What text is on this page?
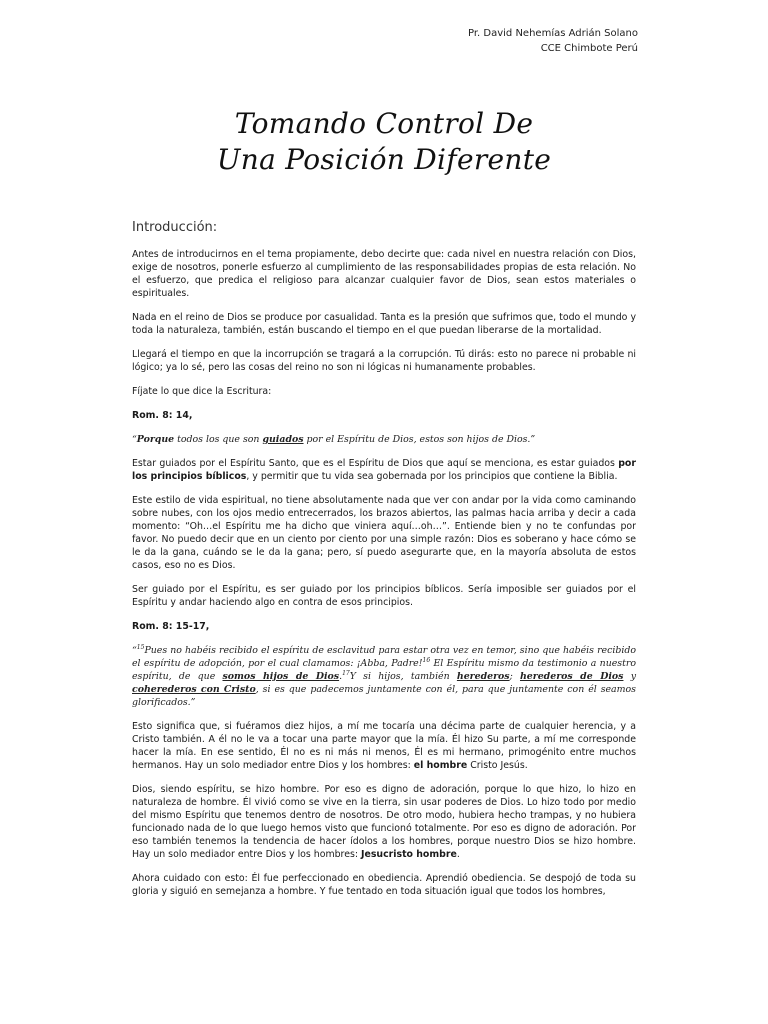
Pr. David Nehemías Adrián Solano
CCE Chimbote Perú
Tomando Control De
Una Posición Diferente
Introducción:

Antes de introducirnos en el tema propiamente, debo decirte que: cada nivel en nuestra relación con Dios, exige de nosotros, ponerle esfuerzo al cumplimiento de las responsabilidades propias de esta relación. No el esfuerzo, que predica el religioso para alcanzar cualquier favor de Dios, sean estos materiales o espirituales.

Nada en el reino de Dios se produce por casualidad. Tanta es la presión que sufrimos que, todo el mundo y toda la naturaleza, también, están buscando el tiempo en el que puedan liberarse de la mortalidad.

Llegará el tiempo en que la incorrupción se tragará a la corrupción. Tú dirás: esto no parece ni probable ni lógico; ya lo sé, pero las cosas del reino no son ni lógicas ni humanamente probables.

Fíjate lo que dice la Escritura:

Rom. 8: 14,

“Porque todos los que son guiados por el Espíritu de Dios, estos son hijos de Dios.”

Estar guiados por el Espíritu Santo, que es el Espíritu de Dios que aquí se menciona, es estar guiados por los principios bíblicos, y permitir que tu vida sea gobernada por los principios que contiene la Biblia.

Este estilo de vida espiritual, no tiene absolutamente nada que ver con andar por la vida como caminando sobre nubes, con los ojos medio entrecerrados, los brazos abiertos, las palmas hacia arriba y decir a cada momento: “Oh…el Espíritu me ha dicho que viniera aquí…oh…”. Entiende bien y no te confundas por favor. No puedo decir que en un ciento por ciento por una simple razón: Dios es soberano y hace cómo se le da la gana, cuándo se le da la gana; pero, sí puedo asegurarte que, en la mayoría absoluta de estos casos, eso no es Dios.

Ser guiado por el Espíritu, es ser guiado por los principios bíblicos. Sería imposible ser guiados por el Espíritu y andar haciendo algo en contra de esos principios.

Rom. 8: 15-17,

“$^{15}$Pues no habéis recibido el espíritu de esclavitud para estar otra vez en temor, sino que habéis recibido el espíritu de adopción, por el cual clamamos: ¡Abba, Padre!$^{16}$ El Espíritu mismo da testimonio a nuestro espíritu, de que somos hijos de Dios.$^{17}$Y si hijos, también herederos; herederos de Dios y coherederos con Cristo, si es que padecemos juntamente con él, para que juntamente con él seamos glorificados.”

Esto significa que, si fuéramos diez hijos, a mí me tocaría una décima parte de cualquier herencia, y a Cristo también. A él no le va a tocar una parte mayor que la mía. Él hizo Su parte, a mí me corresponde hacer la mía. En ese sentido, Él no es ni más ni menos, Él es mi hermano, primogénito entre muchos hermanos. Hay un solo mediador entre Dios y los hombres: el hombre Cristo Jesús.

Dios, siendo espíritu, se hizo hombre. Por eso es digno de adoración, porque lo que hizo, lo hizo en naturaleza de hombre. Él vivió como se vive en la tierra, sin usar poderes de Dios. Lo hizo todo por medio del mismo Espíritu que tenemos dentro de nosotros. De otro modo, hubiera hecho trampas, y no hubiera funcionado nada de lo que luego hemos visto que funcionó totalmente. Por eso es digno de adoración. Por eso también tenemos la tendencia de hacer ídolos a los hombres, porque nuestro Dios se hizo hombre. Hay un solo mediador entre Dios y los hombres: Jesucristo hombre.

Ahora cuidado con esto: Él fue perfeccionado en obediencia. Aprendió obediencia. Se despojó de toda su gloria y siguió en semejanza a hombre. Y fue tentado en toda situación igual que todos los hombres,
